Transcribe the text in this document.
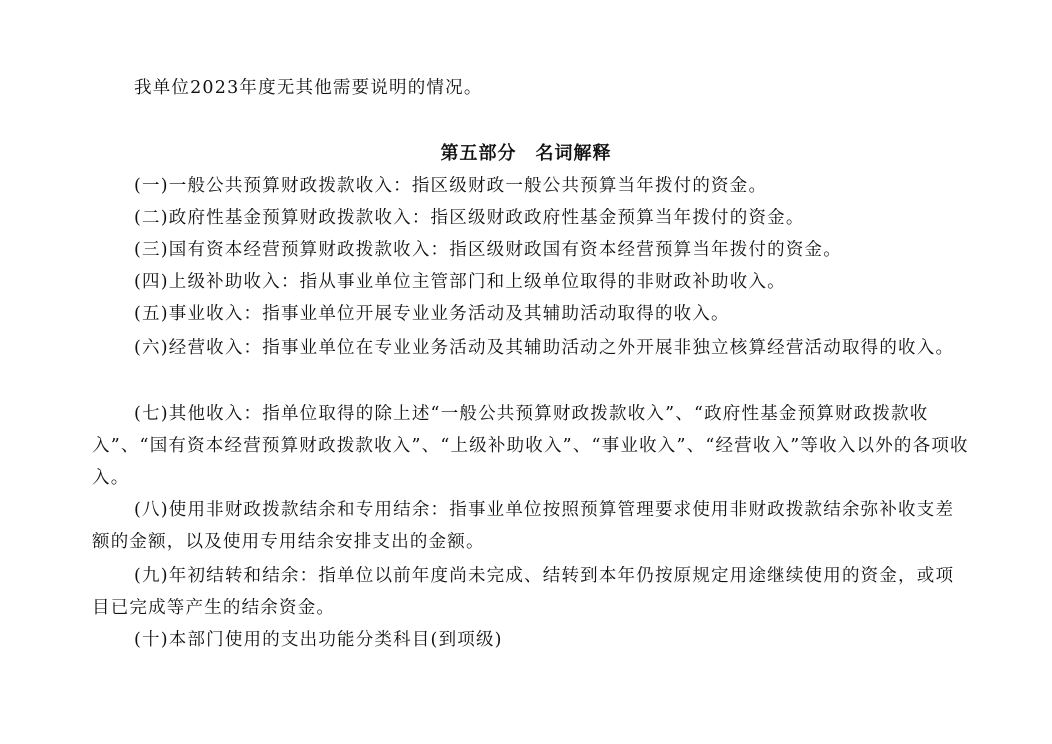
我单位2023年度无其他需要说明的情况。

第五部分　名词解释

(一)一般公共预算财政拨款收入：指区级财政一般公共预算当年拨付的资金。

(二)政府性基金预算财政拨款收入：指区级财政政府性基金预算当年拨付的资金。

(三)国有资本经营预算财政拨款收入：指区级财政国有资本经营预算当年拨付的资金。

(四)上级补助收入：指从事业单位主管部门和上级单位取得的非财政补助收入。

(五)事业收入：指事业单位开展专业业务活动及其辅助活动取得的收入。

(六)经营收入：指事业单位在专业业务活动及其辅助活动之外开展非独立核算经营活动取得的收入。

(七)其他收入：指单位取得的除上述“一般公共预算财政拨款收入”、“政府性基金预算财政拨款收入”、“国有资本经营预算财政拨款收入”、“上级补助收入”、“事业收入”、“经营收入”等收入以外的各项收入。

(八)使用非财政拨款结余和专用结余：指事业单位按照预算管理要求使用非财政拨款结余弥补收支差额的金额，以及使用专用结余安排支出的金额。

(九)年初结转和结余：指单位以前年度尚未完成、结转到本年仍按原规定用途继续使用的资金，或项目已完成等产生的结余资金。

(十)本部门使用的支出功能分类科目(到项级)
